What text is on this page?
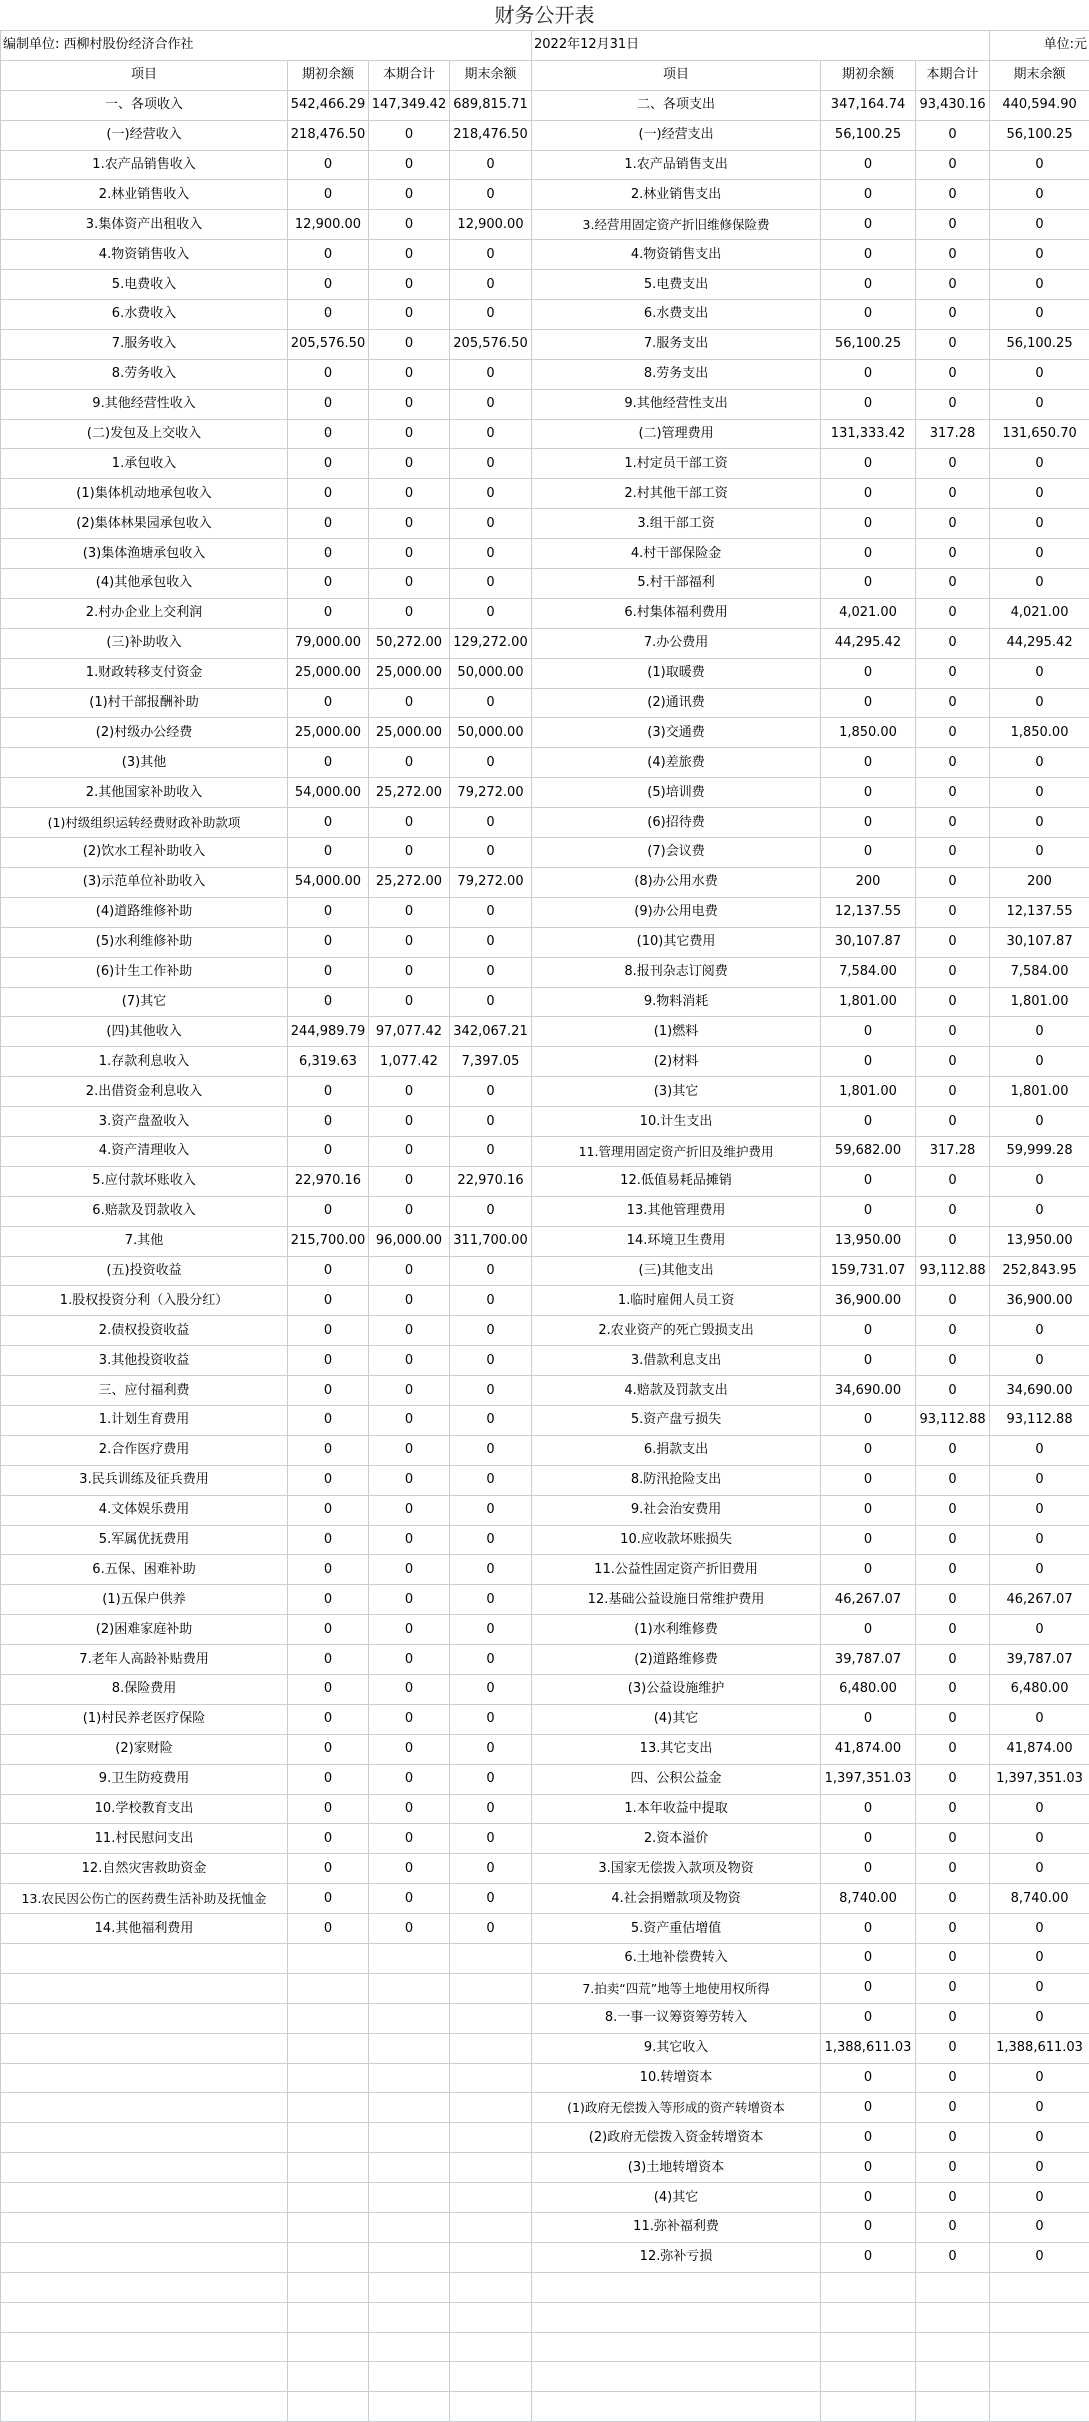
财务公开表
编制单位: 西柳村股份经济合作社				2022年12月31日			单位:元
项目	期初余额	本期合计	期末余额	项目	期初余额	本期合计	期末余额
一、各项收入	542,466.29	147,349.42	689,815.71	二、各项支出	347,164.74	93,430.16	440,594.90
(一)经营收入	218,476.50	0	218,476.50	(一)经营支出	56,100.25	0	56,100.25
1.农产品销售收入	0	0	0	1.农产品销售支出	0	0	0
2.林业销售收入	0	0	0	2.林业销售支出	0	0	0
3.集体资产出租收入	12,900.00	0	12,900.00	3.经营用固定资产折旧维修保险费	0	0	0
4.物资销售收入	0	0	0	4.物资销售支出	0	0	0
5.电费收入	0	0	0	5.电费支出	0	0	0
6.水费收入	0	0	0	6.水费支出	0	0	0
7.服务收入	205,576.50	0	205,576.50	7.服务支出	56,100.25	0	56,100.25
8.劳务收入	0	0	0	8.劳务支出	0	0	0
9.其他经营性收入	0	0	0	9.其他经营性支出	0	0	0
(二)发包及上交收入	0	0	0	(二)管理费用	131,333.42	317.28	131,650.70
1.承包收入	0	0	0	1.村定员干部工资	0	0	0
(1)集体机动地承包收入	0	0	0	2.村其他干部工资	0	0	0
(2)集体林果园承包收入	0	0	0	3.组干部工资	0	0	0
(3)集体渔塘承包收入	0	0	0	4.村干部保险金	0	0	0
(4)其他承包收入	0	0	0	5.村干部福利	0	0	0
2.村办企业上交利润	0	0	0	6.村集体福利费用	4,021.00	0	4,021.00
(三)补助收入	79,000.00	50,272.00	129,272.00	7.办公费用	44,295.42	0	44,295.42
1.财政转移支付资金	25,000.00	25,000.00	50,000.00	(1)取暖费	0	0	0
(1)村干部报酬补助	0	0	0	(2)通讯费	0	0	0
(2)村级办公经费	25,000.00	25,000.00	50,000.00	(3)交通费	1,850.00	0	1,850.00
(3)其他	0	0	0	(4)差旅费	0	0	0
2.其他国家补助收入	54,000.00	25,272.00	79,272.00	(5)培训费	0	0	0
(1)村级组织运转经费财政补助款项	0	0	0	(6)招待费	0	0	0
(2)饮水工程补助收入	0	0	0	(7)会议费	0	0	0
(3)示范单位补助收入	54,000.00	25,272.00	79,272.00	(8)办公用水费	200	0	200
(4)道路维修补助	0	0	0	(9)办公用电费	12,137.55	0	12,137.55
(5)水利维修补助	0	0	0	(10)其它费用	30,107.87	0	30,107.87
(6)计生工作补助	0	0	0	8.报刊杂志订阅费	7,584.00	0	7,584.00
(7)其它	0	0	0	9.物料消耗	1,801.00	0	1,801.00
(四)其他收入	244,989.79	97,077.42	342,067.21	(1)燃料	0	0	0
1.存款利息收入	6,319.63	1,077.42	7,397.05	(2)材料	0	0	0
2.出借资金利息收入	0	0	0	(3)其它	1,801.00	0	1,801.00
3.资产盘盈收入	0	0	0	10.计生支出	0	0	0
4.资产清理收入	0	0	0	11.管理用固定资产折旧及维护费用	59,682.00	317.28	59,999.28
5.应付款坏账收入	22,970.16	0	22,970.16	12.低值易耗品摊销	0	0	0
6.赔款及罚款收入	0	0	0	13.其他管理费用	0	0	0
7.其他	215,700.00	96,000.00	311,700.00	14.环境卫生费用	13,950.00	0	13,950.00
(五)投资收益	0	0	0	(三)其他支出	159,731.07	93,112.88	252,843.95
1.股权投资分利（入股分红）	0	0	0	1.临时雇佣人员工资	36,900.00	0	36,900.00
2.债权投资收益	0	0	0	2.农业资产的死亡毁损支出	0	0	0
3.其他投资收益	0	0	0	3.借款利息支出	0	0	0
三、应付福利费	0	0	0	4.赔款及罚款支出	34,690.00	0	34,690.00
1.计划生育费用	0	0	0	5.资产盘亏损失	0	93,112.88	93,112.88
2.合作医疗费用	0	0	0	6.捐款支出	0	0	0
3.民兵训练及征兵费用	0	0	0	8.防汛抢险支出	0	0	0
4.文体娱乐费用	0	0	0	9.社会治安费用	0	0	0
5.军属优抚费用	0	0	0	10.应收款坏账损失	0	0	0
6.五保、困难补助	0	0	0	11.公益性固定资产折旧费用	0	0	0
(1)五保户供养	0	0	0	12.基础公益设施日常维护费用	46,267.07	0	46,267.07
(2)困难家庭补助	0	0	0	(1)水利维修费	0	0	0
7.老年人高龄补贴费用	0	0	0	(2)道路维修费	39,787.07	0	39,787.07
8.保险费用	0	0	0	(3)公益设施维护	6,480.00	0	6,480.00
(1)村民养老医疗保险	0	0	0	(4)其它	0	0	0
(2)家财险	0	0	0	13.其它支出	41,874.00	0	41,874.00
9.卫生防疫费用	0	0	0	四、公积公益金	1,397,351.03	0	1,397,351.03
10.学校教育支出	0	0	0	1.本年收益中提取	0	0	0
11.村民慰问支出	0	0	0	2.资本溢价	0	0	0
12.自然灾害救助资金	0	0	0	3.国家无偿拨入款项及物资	0	0	0
13.农民因公伤亡的医药费生活补助及抚恤金	0	0	0	4.社会捐赠款项及物资	8,740.00	0	8,740.00
14.其他福利费用	0	0	0	5.资产重估增值	0	0	0
				6.土地补偿费转入	0	0	0
				7.拍卖“四荒”地等土地使用权所得	0	0	0
				8.一事一议筹资筹劳转入	0	0	0
				9.其它收入	1,388,611.03	0	1,388,611.03
				10.转增资本	0	0	0
				(1)政府无偿拨入等形成的资产转增资本	0	0	0
				(2)政府无偿拨入资金转增资本	0	0	0
				(3)土地转增资本	0	0	0
				(4)其它	0	0	0
				11.弥补福利费	0	0	0
				12.弥补亏损	0	0	0
